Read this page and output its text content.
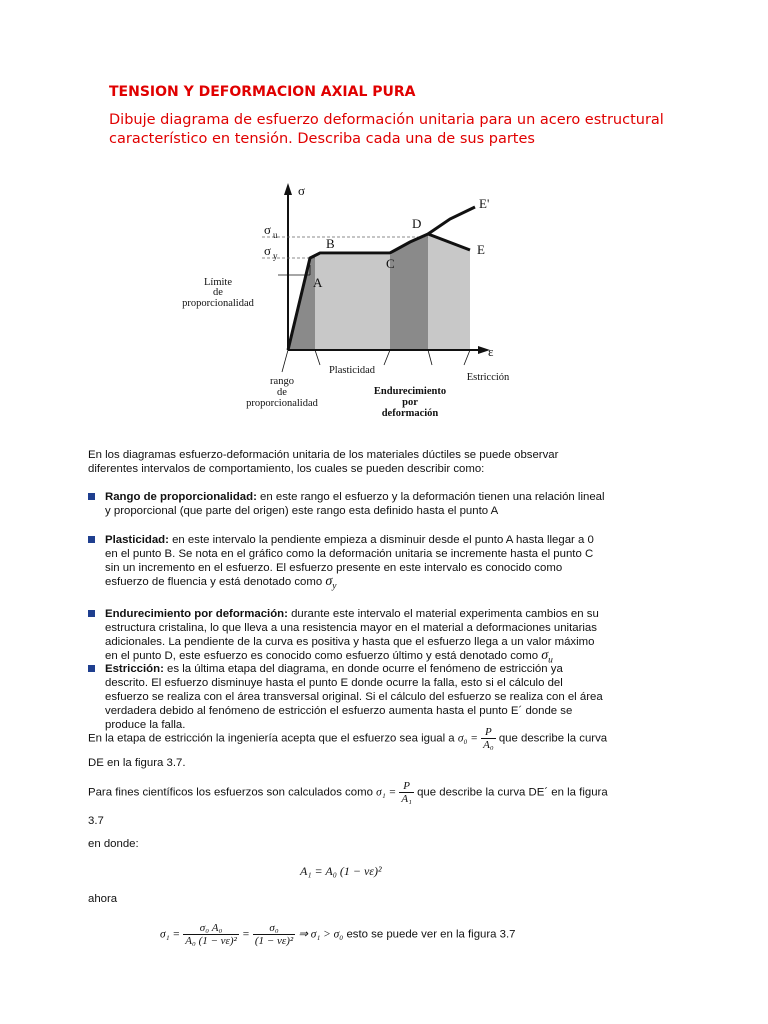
TENSION Y DEFORMACION AXIAL PURA
Dibuje diagrama de esfuerzo deformación unitaria para un acero estructural característico en tensión. Describa cada una de sus partes
σ
ε
σ u
σ y
A
B
C
D
E
E'
Límite
de
proporcionalidad
rango
de
proporcionalidad
Plasticidad
Endurecimiento
por
deformación
Estricción
En los diagramas esfuerzo-deformación unitaria de los materiales dúctiles se puede observar diferentes intervalos de comportamiento, los cuales se pueden describir como:
Rango de proporcionalidad: en este rango el esfuerzo y la deformación tienen una relación lineal y proporcional (que parte del origen) este rango esta definido hasta el punto A
Plasticidad: en este intervalo la pendiente empieza a disminuir desde el punto A hasta llegar a 0 en el punto B. Se nota en el gráfico como la deformación unitaria se incremente hasta el punto C sin un incremento en el esfuerzo. El esfuerzo presente en este intervalo es conocido como esfuerzo de fluencia y está denotado como $\sigma_y$
Endurecimiento por deformación: durante este intervalo el material experimenta cambios en su estructura cristalina, lo que lleva a una resistencia mayor en el material a deformaciones unitarias adicionales. La pendiente de la curva es positiva y hasta que el esfuerzo llega a un valor máximo en el punto D, este esfuerzo es conocido como esfuerzo último y está denotado como $\sigma_u$
Estricción: es la última etapa del diagrama, en donde ocurre el fenómeno de estricción ya descrito. El esfuerzo disminuye hasta el punto E donde ocurre la falla, esto si el cálculo del esfuerzo se realiza con el área transversal original. Si el cálculo del esfuerzo se realiza con el área verdadera debido al fenómeno de estricción el esfuerzo aumenta hasta el punto E´ donde se produce la falla.
En la etapa de estricción la ingeniería acepta que el esfuerzo sea igual a $\sigma_0 = \frac{P}{\text{A₀}}$ que describe la curva
DE en la figura 3.7.
Para fines científicos los esfuerzos son calculados como $\sigma_1 = \frac{P}{\text{A₁}}$ que describe la curva DE´ en la figura
3.7
en donde:
A₁ = A₀ (1 − νε)²
ahora
$\sigma_1 = \frac{\text{σ₀ A₀}}{\text{A₀ (1 − νε)²}} = \frac{\text{σ₀}}{\text{(1 − νε)²}}$ ⇒ σ₁ > σ₀ esto se puede ver en la figura 3.7
